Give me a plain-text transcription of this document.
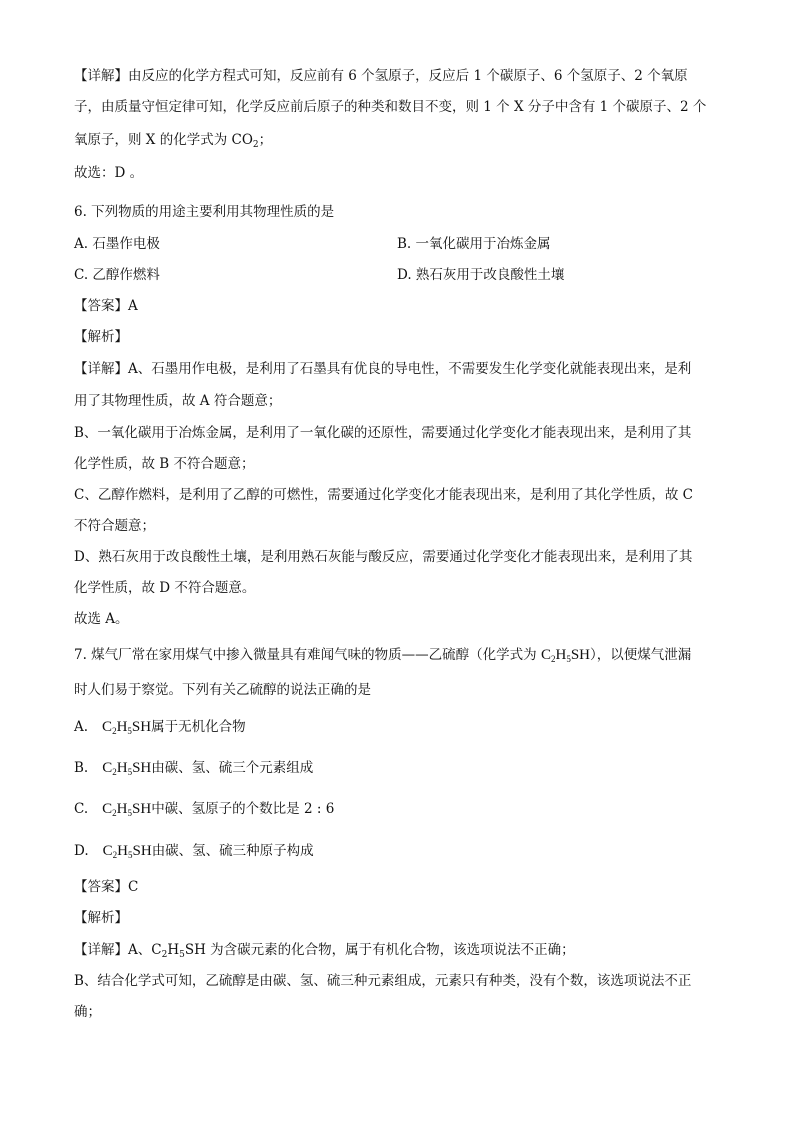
【详解】由反应的化学方程式可知，反应前有 6 个氢原子，反应后 1 个碳原子、6 个氢原子、2 个氧原
子，由质量守恒定律可知，化学反应前后原子的种类和数目不变，则 1 个 X 分子中含有 1 个碳原子、2 个
氧原子，则 X 的化学式为 $CO_2$；
故选：D 。
6. 下列物质的用途主要利用其物理性质的是
A. 石墨作电极	B. 一氧化碳用于冶炼金属
C. 乙醇作燃料	D. 熟石灰用于改良酸性土壤
【答案】A
【解析】
【详解】A、石墨用作电极，是利用了石墨具有优良的导电性，不需要发生化学变化就能表现出来，是利
用了其物理性质，故 A 符合题意；
B、一氧化碳用于冶炼金属，是利用了一氧化碳的还原性，需要通过化学变化才能表现出来，是利用了其
化学性质，故 B 不符合题意；
C、乙醇作燃料，是利用了乙醇的可燃性，需要通过化学变化才能表现出来，是利用了其化学性质，故 C
不符合题意；
D、熟石灰用于改良酸性土壤，是利用熟石灰能与酸反应，需要通过化学变化才能表现出来，是利用了其
化学性质，故 D 不符合题意。
故选 A。
7. 煤气厂常在家用煤气中掺入微量具有难闻气味的物质——乙硫醇（化学式为 $C_2H_5SH$），以便煤气泄漏
时人们易于察觉。下列有关乙硫醇的说法正确的是
A. $C_2H_5SH$属于无机化合物
B. $C_2H_5SH$由碳、氢、硫三个元素组成
C. $C_2H_5SH$中碳、氢原子的个数比是 2 : 6
D. $C_2H_5SH$由碳、氢、硫三种原子构成
【答案】C
【解析】
【详解】A、$C_2H_5SH$ 为含碳元素的化合物，属于有机化合物，该选项说法不正确；
B、结合化学式可知，乙硫醇是由碳、氢、硫三种元素组成，元素只有种类，没有个数，该选项说法不正
确；
